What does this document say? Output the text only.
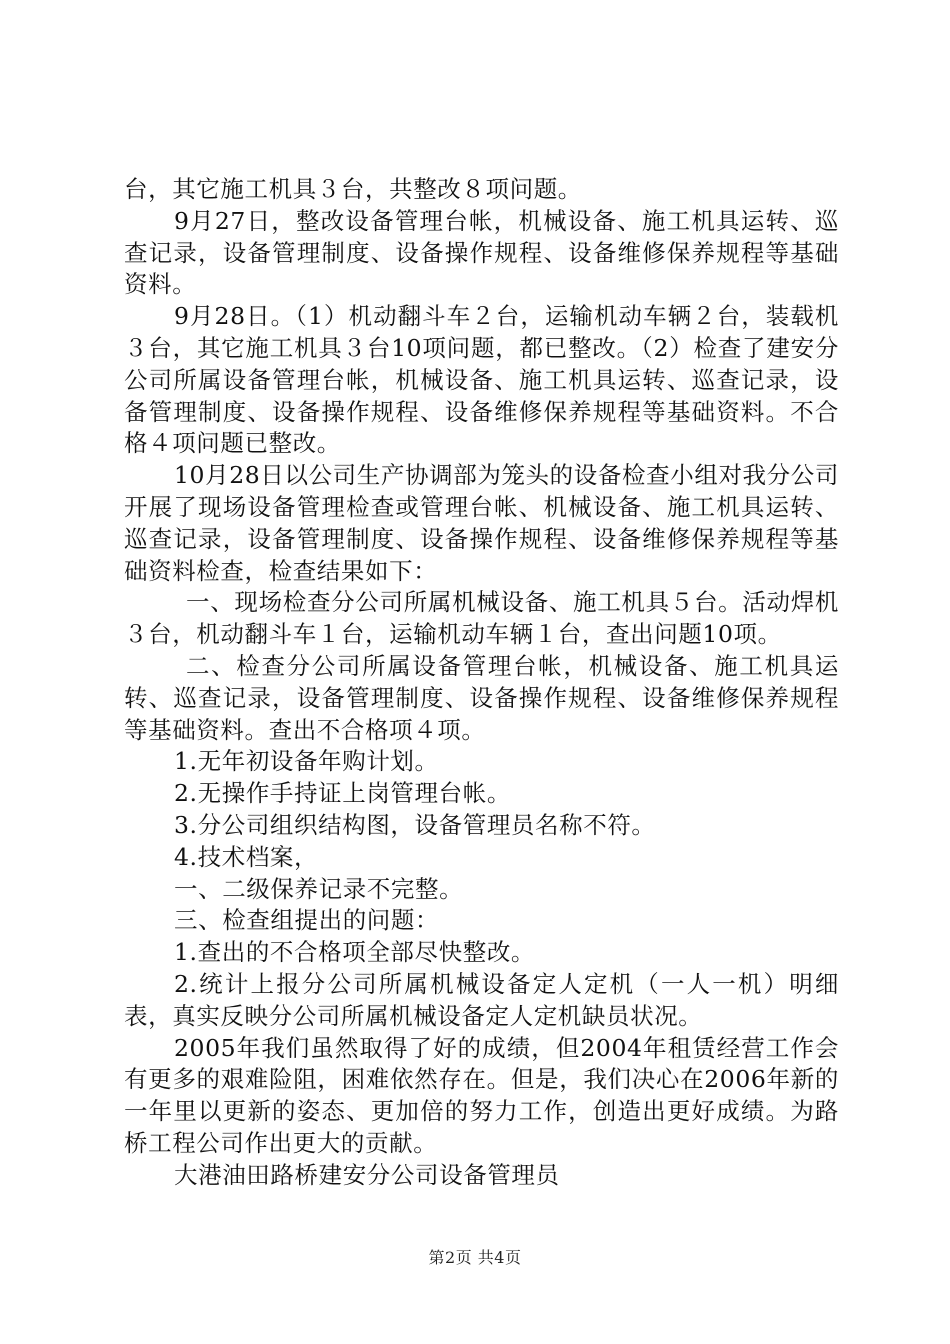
台，其它施工机具３台，共整改８项问题。

9月27日，整改设备管理台帐，机械设备、施工机具运转、巡查记录，设备管理制度、设备操作规程、设备维修保养规程等基础资料。

9月28日。（1）机动翻斗车２台，运输机动车辆２台，装载机３台，其它施工机具３台10项问题，都已整改。（2）检查了建安分公司所属设备管理台帐，机械设备、施工机具运转、巡查记录，设备管理制度、设备操作规程、设备维修保养规程等基础资料。不合格４项问题已整改。

10月28日以公司生产协调部为笼头的设备检查小组对我分公司开展了现场设备管理检查或管理台帐、机械设备、施工机具运转、巡查记录，设备管理制度、设备操作规程、设备维修保养规程等基础资料检查，检查结果如下：

一、现场检查分公司所属机械设备、施工机具５台。活动焊机３台，机动翻斗车１台，运输机动车辆１台，查出问题10项。

二、检查分公司所属设备管理台帐，机械设备、施工机具运转、巡查记录，设备管理制度、设备操作规程、设备维修保养规程等基础资料。查出不合格项４项。

1.无年初设备年购计划。

2.无操作手持证上岗管理台帐。

3.分公司组织结构图，设备管理员名称不符。

4.技术档案，

一、二级保养记录不完整。

三、检查组提出的问题：

1.查出的不合格项全部尽快整改。

2.统计上报分公司所属机械设备定人定机（一人一机）明细表，真实反映分公司所属机械设备定人定机缺员状况。

2005年我们虽然取得了好的成绩，但2004年租赁经营工作会有更多的艰难险阻，困难依然存在。但是，我们决心在2006年新的一年里以更新的姿态、更加倍的努力工作，创造出更好成绩。为路桥工程公司作出更大的贡献。

大港油田路桥建安分公司设备管理员

第2页 共4页
